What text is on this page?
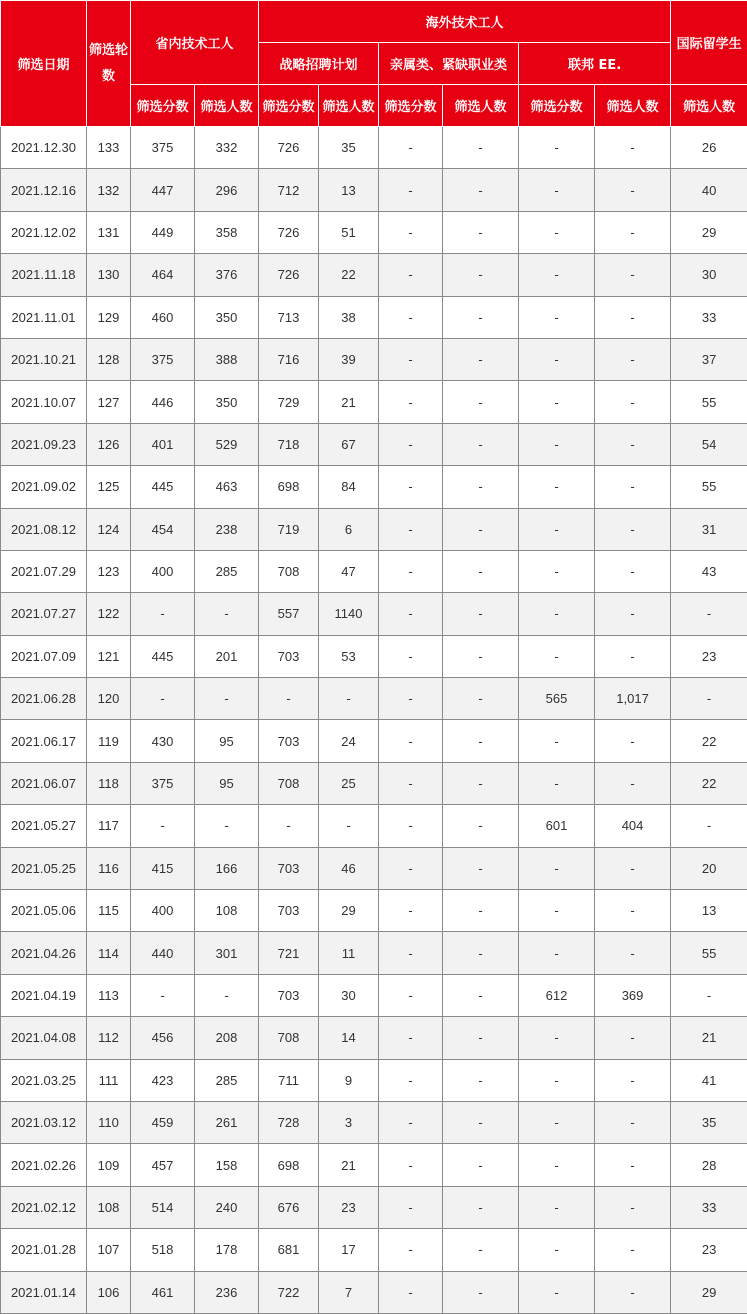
筛选日期	筛选轮数	省内技术工人		海外技术工人						国际留学生
				战略招聘计划		亲属类、紧缺职业类		联邦 EE.		
		筛选分数	筛选人数	筛选分数	筛选人数	筛选分数	筛选人数	筛选分数	筛选人数	筛选人数
2021.12.30	133	375	332	726	35	-	-	-	-	26
2021.12.16	132	447	296	712	13	-	-	-	-	40
2021.12.02	131	449	358	726	51	-	-	-	-	29
2021.11.18	130	464	376	726	22	-	-	-	-	30
2021.11.01	129	460	350	713	38	-	-	-	-	33
2021.10.21	128	375	388	716	39	-	-	-	-	37
2021.10.07	127	446	350	729	21	-	-	-	-	55
2021.09.23	126	401	529	718	67	-	-	-	-	54
2021.09.02	125	445	463	698	84	-	-	-	-	55
2021.08.12	124	454	238	719	6	-	-	-	-	31
2021.07.29	123	400	285	708	47	-	-	-	-	43
2021.07.27	122	-	-	557	1140	-	-	-	-	-
2021.07.09	121	445	201	703	53	-	-	-	-	23
2021.06.28	120	-	-	-	-	-	-	565	1,017	-
2021.06.17	119	430	95	703	24	-	-	-	-	22
2021.06.07	118	375	95	708	25	-	-	-	-	22
2021.05.27	117	-	-	-	-	-	-	601	404	-
2021.05.25	116	415	166	703	46	-	-	-	-	20
2021.05.06	115	400	108	703	29	-	-	-	-	13
2021.04.26	114	440	301	721	11	-	-	-	-	55
2021.04.19	113	-	-	703	30	-	-	612	369	-
2021.04.08	112	456	208	708	14	-	-	-	-	21
2021.03.25	111	423	285	711	9	-	-	-	-	41
2021.03.12	110	459	261	728	3	-	-	-	-	35
2021.02.26	109	457	158	698	21	-	-	-	-	28
2021.02.12	108	514	240	676	23	-	-	-	-	33
2021.01.28	107	518	178	681	17	-	-	-	-	23
2021.01.14	106	461	236	722	7	-	-	-	-	29
